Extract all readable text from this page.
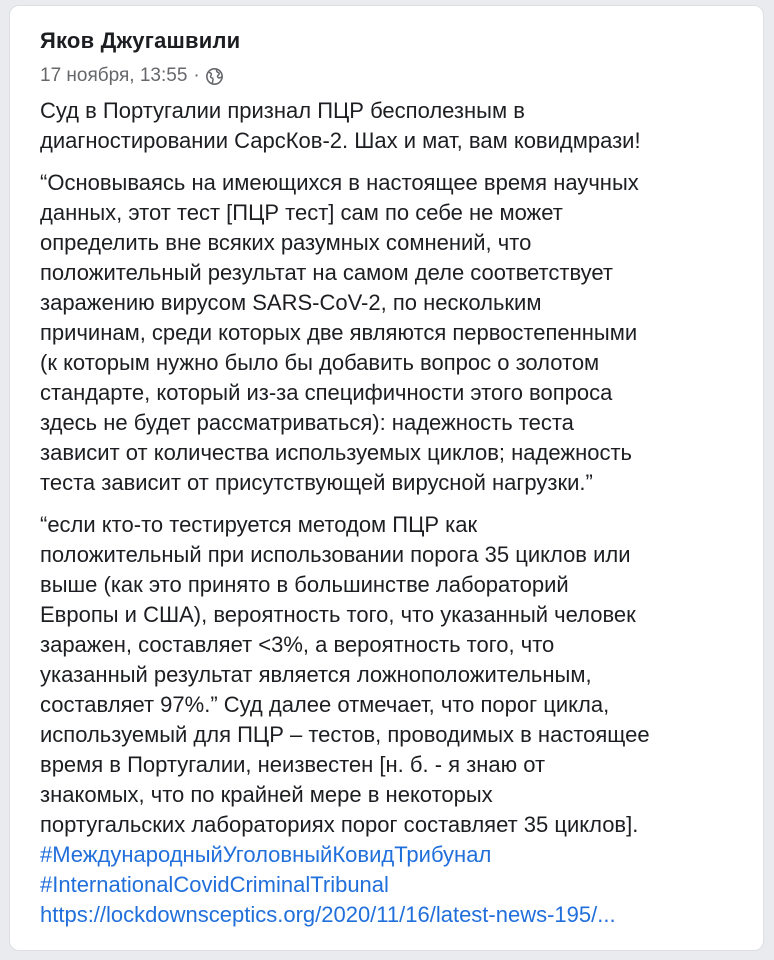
Яков Джугашвили
17 ноября, 13:55 ·

Суд в Португалии признал ПЦР бесполезным в
диагностировании СарсКов-2. Шах и мат, вам ковидмрази!

“Основываясь на имеющихся в настоящее время научных
данных, этот тест [ПЦР тест] сам по себе не может
определить вне всяких разумных сомнений, что
положительный результат на самом деле соответствует
заражению вирусом SARS-CoV-2, по нескольким
причинам, среди которых две являются первостепенными
(к которым нужно было бы добавить вопрос о золотом
стандарте, который из-за специфичности этого вопроса
здесь не будет рассматриваться): надежность теста
зависит от количества используемых циклов; надежность
теста зависит от присутствующей вирусной нагрузки.”

“если кто-то тестируется методом ПЦР как
положительный при использовании порога 35 циклов или
выше (как это принято в большинстве лабораторий
Европы и США), вероятность того, что указанный человек
заражен, составляет <3%, а вероятность того, что
указанный результат является ложноположительным,
составляет 97%.” Суд далее отмечает, что порог цикла,
используемый для ПЦР – тестов, проводимых в настоящее
время в Португалии, неизвестен [н. б. - я знаю от
знакомых, что по крайней мере в некоторых
португальских лабораториях порог составляет 35 циклов].

#МеждународныйУголовныйКовидТрибунал
#InternationalCovidCriminalTribunal
https://lockdownsceptics.org/2020/11/16/latest-news-195/...
